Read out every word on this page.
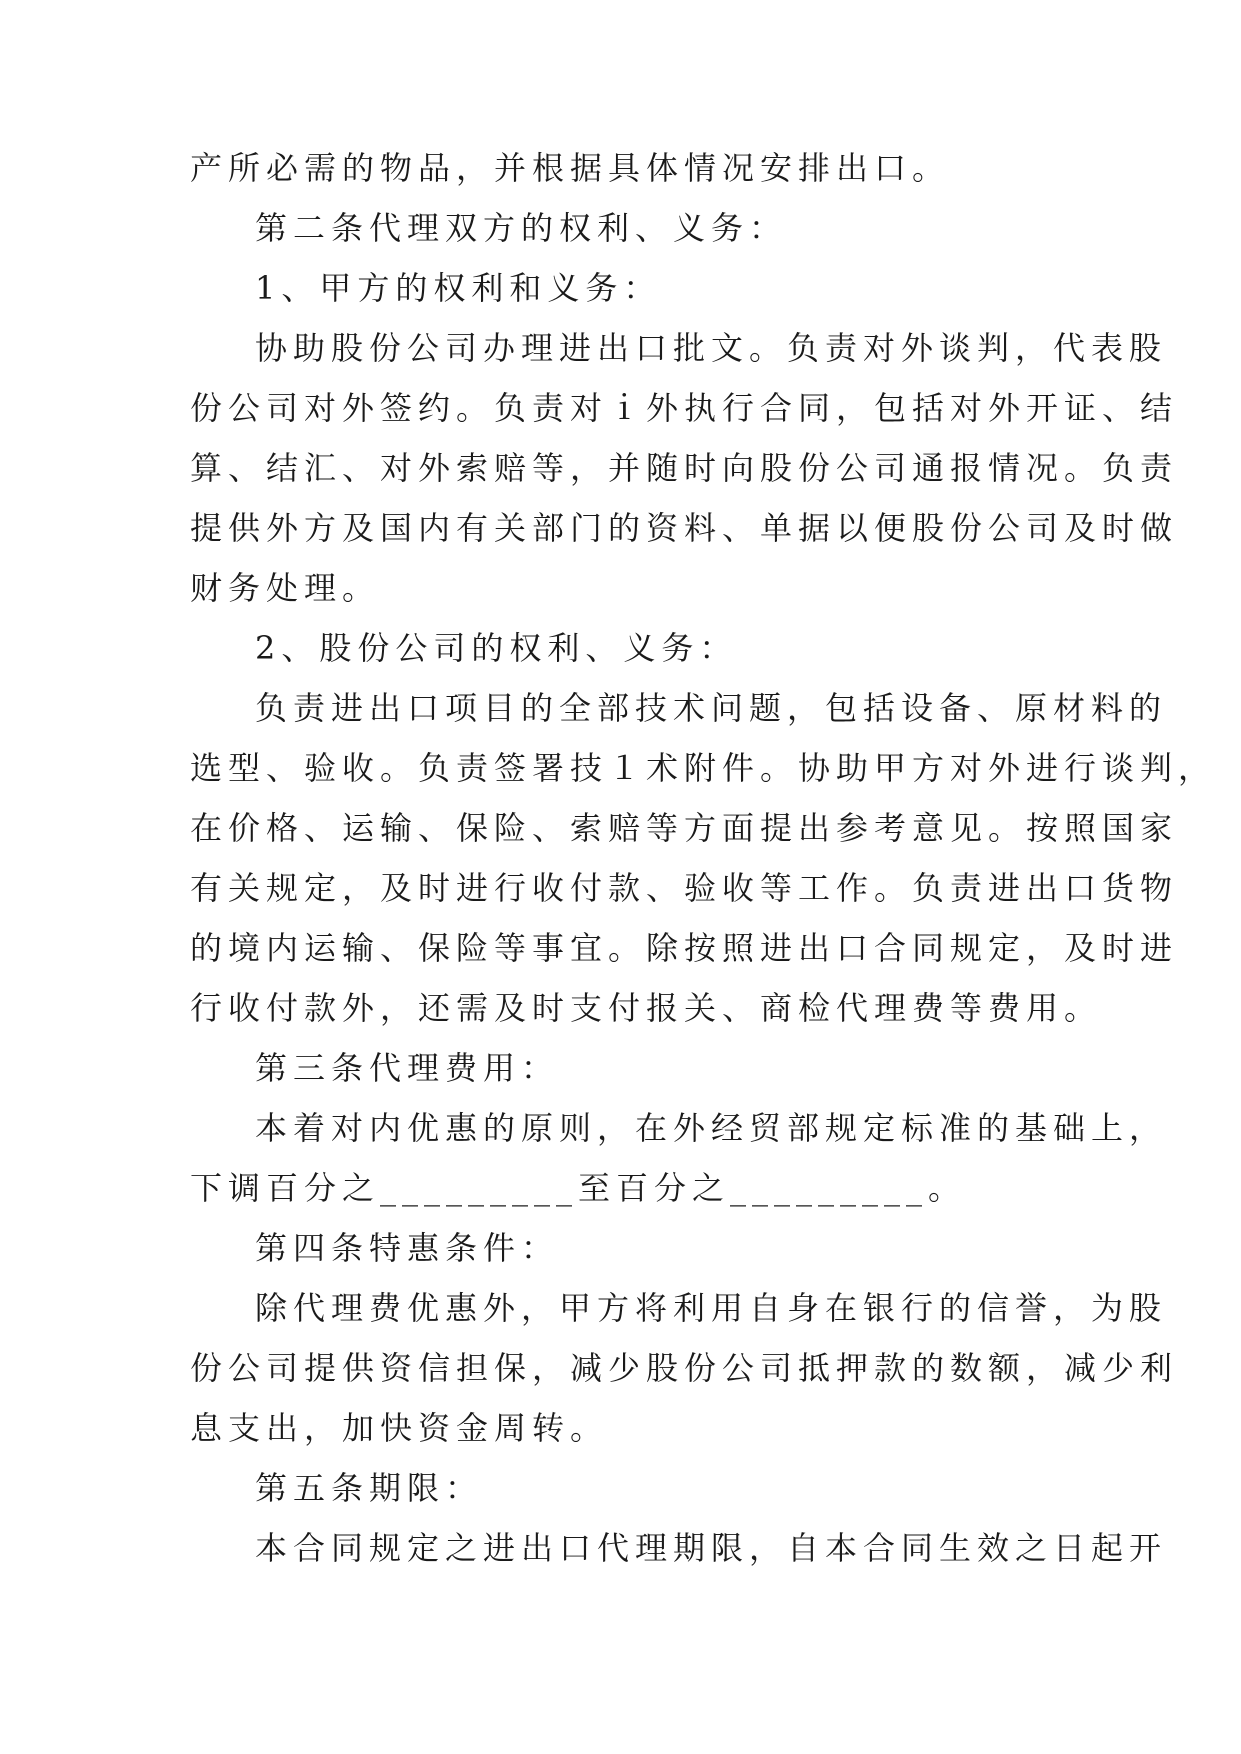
产所必需的物品，并根据具体情况安排出口。

第二条代理双方的权利、义务：

1、甲方的权利和义务：

协助股份公司办理进出口批文。负责对外谈判，代表股

份公司对外签约。负责对ｉ外执行合同，包括对外开证、结

算、结汇、对外索赔等，并随时向股份公司通报情况。负责

提供外方及国内有关部门的资料、单据以便股份公司及时做

财务处理。

2、股份公司的权利、义务：

负责进出口项目的全部技术问题，包括设备、原材料的

选型、验收。负责签署技１术附件。协助甲方对外进行谈判，

在价格、运输、保险、索赔等方面提出参考意见。按照国家

有关规定，及时进行收付款、验收等工作。负责进出口货物

的境内运输、保险等事宜。除按照进出口合同规定，及时进

行收付款外，还需及时支付报关、商检代理费等费用。

第三条代理费用：

本着对内优惠的原则，在外经贸部规定标准的基础上，

下调百分之_________至百分之_________。

第四条特惠条件：

除代理费优惠外，甲方将利用自身在银行的信誉，为股

份公司提供资信担保，减少股份公司抵押款的数额，减少利

息支出，加快资金周转。

第五条期限：

本合同规定之进出口代理期限，自本合同生效之日起开
